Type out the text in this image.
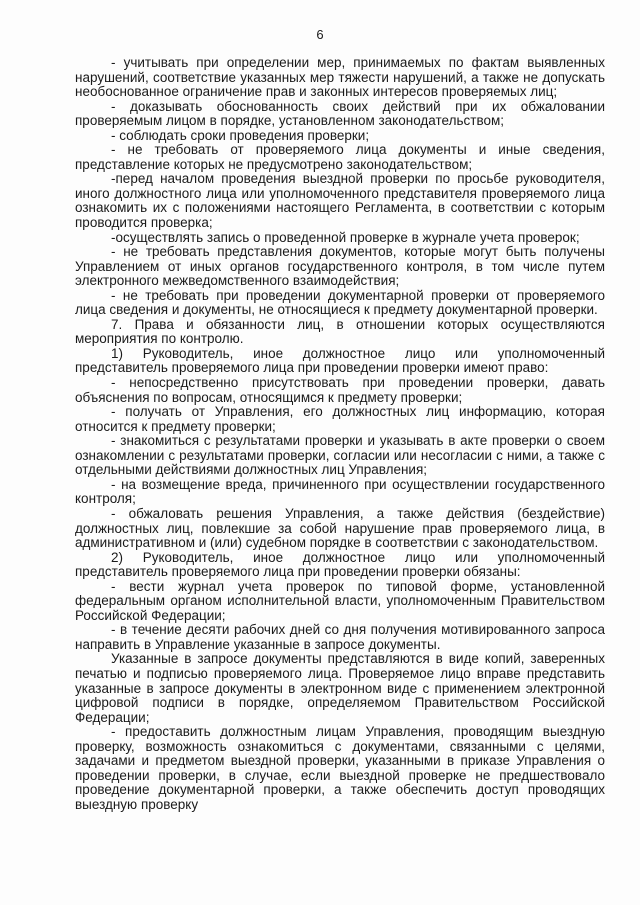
6

- учитывать при определении мер, принимаемых по фактам выявленных нарушений, соответствие указанных мер тяжести нарушений, а также не допускать необоснованное ограничение прав и законных интересов проверяемых лиц;

- доказывать обоснованность своих действий при их обжаловании проверяемым лицом в порядке, установленном законодательством;

- соблюдать сроки проведения проверки;

- не требовать от проверяемого лица документы и иные сведения, представление которых не предусмотрено законодательством;

-перед началом проведения выездной проверки по просьбе руководителя, иного должностного лица или уполномоченного представителя проверяемого лица ознакомить их с положениями настоящего Регламента, в соответствии с которым проводится проверка;

-осуществлять запись о проведенной проверке в журнале учета проверок;

- не требовать представления документов, которые могут быть получены Управлением от иных органов государственного контроля, в том числе путем электронного межведомственного взаимодействия;

- не требовать при проведении документарной проверки от проверяемого лица сведения и документы, не относящиеся к предмету документарной проверки.

7. Права и обязанности лиц, в отношении которых осуществляются мероприятия по контролю.

1) Руководитель, иное должностное лицо или уполномоченный представитель проверяемого лица при проведении проверки имеют право:

- непосредственно присутствовать при проведении проверки, давать объяснения по вопросам, относящимся к предмету проверки;

- получать от Управления, его должностных лиц информацию, которая относится к предмету проверки;

- знакомиться с результатами проверки и указывать в акте проверки о своем ознакомлении с результатами проверки, согласии или несогласии с ними, а также с отдельными действиями должностных лиц Управления;

- на возмещение вреда, причиненного при осуществлении государственного контроля;

- обжаловать решения Управления, а также действия (бездействие) должностных лиц, повлекшие за собой нарушение прав проверяемого лица, в административном и (или) судебном порядке в соответствии с законодательством.

2) Руководитель, иное должностное лицо или уполномоченный представитель проверяемого лица при проведении проверки обязаны:

- вести журнал учета проверок по типовой форме, установленной федеральным органом исполнительной власти, уполномоченным Правительством Российской Федерации;

- в течение десяти рабочих дней со дня получения мотивированного запроса направить в Управление указанные в запросе документы.

Указанные в запросе документы представляются в виде копий, заверенных печатью и подписью проверяемого лица. Проверяемое лицо вправе представить указанные в запросе документы в электронном виде с применением электронной цифровой подписи в порядке, определяемом Правительством Российской Федерации;

- предоставить должностным лицам Управления, проводящим выездную проверку, возможность ознакомиться с документами, связанными с целями, задачами и предметом выездной проверки, указанными в приказе Управления о проведении проверки, в случае, если выездной проверке не предшествовало проведение документарной проверки, а также обеспечить доступ проводящих выездную проверку
